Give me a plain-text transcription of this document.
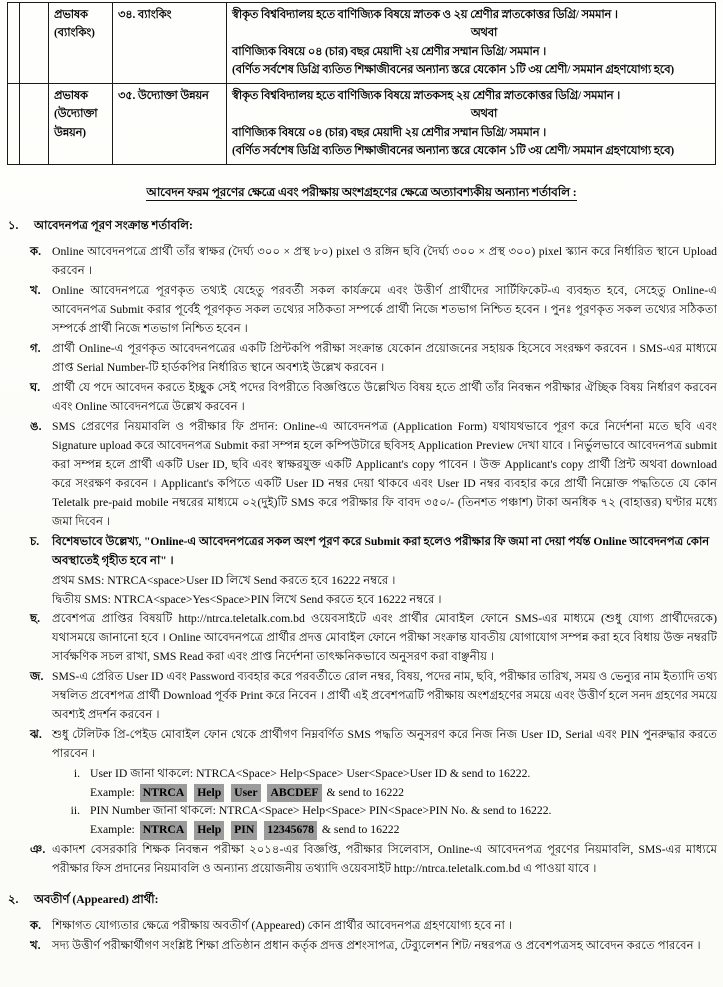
		প্রভাষক (ব্যাংকিং)	৩৪. ব্যাংকিং	স্বীকৃত বিশ্ববিদ্যালয় হতে বাণিজ্যিক বিষয়ে স্নাতক ও ২য় শ্রেণীর স্নাতকোত্তর ডিগ্রি/ সমমান ।
অথবা
বাণিজ্যিক বিষয়ে ০৪ (চার) বছর মেয়াদী ২য় শ্রেণীর সম্মান ডিগ্রি/ সমমান ।
(বর্ণিত সর্বশেষ ডিগ্রি ব্যতিত শিক্ষাজীবনের অন্যান্য স্তরে যেকোন ১টি ৩য় শ্রেণী/ সমমান গ্রহণযোগ্য হবে)

		প্রভাষক (উদ্যোক্তা উন্নয়ন)	৩৫. উদ্যোক্তা উন্নয়ন	স্বীকৃত বিশ্ববিদ্যালয় হতে বাণিজ্যিক বিষয়ে স্নাতকসহ ২য় শ্রেণীর স্নাতকোত্তর ডিগ্রি/ সমমান ।
অথবা
বাণিজ্যিক বিষয়ে ০৪ (চার) বছর মেয়াদী ২য় শ্রেণীর সম্মান ডিগ্রি/ সমমান ।
(বর্ণিত সর্বশেষ ডিগ্রি ব্যতিত শিক্ষাজীবনের অন্যান্য স্তরে যেকোন ১টি ৩য় শ্রেণী/ সমমান গ্রহণযোগ্য হবে)
আবেদন ফরম পূরণের ক্ষেত্রে এবং পরীক্ষায় অংশগ্রহণের ক্ষেত্রে অত্যাবশ্যকীয় অন্যান্য শর্তাবলি :
১.	আবেদনপত্র পূরণ সংক্রান্ত শর্তাবলি:
ক. Online আবেদনপত্রে প্রার্থী তাঁর স্বাক্ষর (দৈর্ঘ্য ৩০০ × প্রস্থ ৮০) pixel ও রঙ্গিন ছবি (দৈর্ঘ্য ৩০০ × প্রস্থ ৩০০) pixel স্ক্যান করে নির্ধারিত স্থানে Upload করবেন ।
খ. Online আবেদনপত্রে পূরণকৃত তথ্যই যেহেতু পরবর্তী সকল কার্যক্রমে এবং উত্তীর্ণ প্রার্থীদের সার্টিফিকেট-এ ব্যবহৃত হবে, সেহেতু Online-এ আবেদনপত্র Submit করার পূর্বেই পূরণকৃত সকল তথ্যের সঠিকতা সম্পর্কে প্রার্থী নিজে শতভাগ নিশ্চিত হবেন । পুনঃ পূরণকৃত সকল তথ্যের সঠিকতা সম্পর্কে প্রার্থী নিজে শতভাগ নিশ্চিত হবেন ।
গ. প্রার্থী Online-এ পূরণকৃত আবেদনপত্রের একটি প্রিন্টকপি পরীক্ষা সংক্রান্ত যেকোন প্রয়োজনের সহায়ক হিসেবে সংরক্ষণ করবেন । SMS-এর মাধ্যমে প্রাপ্ত Serial Number-টি হার্ডকপির নির্ধারিত স্থানে অবশ্যই উল্লেখ করবেন ।
ঘ.	প্রার্থী যে পদে আবেদন করতে ইচ্ছুক সেই পদের বিপরীতে বিজ্ঞপ্তিতে উল্লেখিত বিষয় হতে প্রার্থী তাঁর নিবন্ধন পরীক্ষার ঐচ্ছিক বিষয় নির্ধারণ করবেন এবং Online আবেদনপত্রে উল্লেখ করবেন ।
ঙ. SMS প্রেরণের নিয়মাবলি ও পরীক্ষার ফি প্রদান: Online-এ আবেদনপত্র (Application Form) যথাযথভাবে পূরণ করে নির্দেশনা মতে ছবি এবং Signature upload করে আবেদনপত্র Submit করা সম্পন্ন হলে কম্পিউটারে ছবিসহ Application Preview দেখা যাবে । নির্ভুলভাবে আবেদনপত্র submit করা সম্পন্ন হলে প্রার্থী একটি User ID, ছবি এবং স্বাক্ষরযুক্ত একটি Applicant's copy পাবেন । উক্ত Applicant's copy প্রার্থী প্রিন্ট অথবা download করে সংরক্ষণ করবেন । Applicant's কপিতে একটি User ID নম্বর দেয়া থাকবে এবং User ID নম্বর ব্যবহার করে প্রার্থী নিম্নোক্ত পদ্ধতিতে যে কোন Teletalk pre-paid mobile নম্বরের মাধ্যমে ০২(দুই)টি SMS করে পরীক্ষার ফি বাবদ ৩৫০/- (তিনশত পঞ্চাশ) টাকা অনধিক ৭২ (বাহাত্তর) ঘণ্টার মধ্যে জমা দিবেন ।
চ.	বিশেষভাবে উল্লেখ্য, "Online-এ আবেদনপত্রের সকল অংশ পূরণ করে Submit করা হলেও পরীক্ষার ফি জমা না দেয়া পর্যন্ত Online আবেদনপত্র কোন অবস্থাতেই গৃহীত হবে না" ।
প্রথম SMS: NTRCA<space>User ID লিখে Send করতে হবে 16222 নম্বরে ।
দ্বিতীয় SMS: NTRCA<space>Yes<Space>PIN লিখে Send করতে হবে 16222 নম্বরে ।
ছ.	প্রবেশপত্র প্রাপ্তির বিষয়টি http://ntrca.teletalk.com.bd ওয়েবসাইটে এবং প্রার্থীর মোবাইল ফোনে SMS-এর মাধ্যমে (শুধু যোগ্য প্রার্থীদেরকে) যথাসময়ে জানানো হবে । Online আবেদনপত্রে প্রার্থীর প্রদত্ত মোবাইল ফোনে পরীক্ষা সংক্রান্ত যাবতীয় যোগাযোগ সম্পন্ন করা হবে বিধায় উক্ত নম্বরটি সার্বক্ষণিক সচল রাখা, SMS Read করা এবং প্রাপ্ত নির্দেশনা তাৎক্ষনিকভাবে অনুসরণ করা বাঞ্ছনীয় ।
জ. SMS-এ প্রেরিত User ID এবং Password ব্যবহার করে পরবর্তীতে রোল নম্বর, বিষয়, পদের নাম, ছবি, পরীক্ষার তারিখ, সময় ও ভেন্যুর নাম ইত্যাদি তথ্য সম্বলিত প্রবেশপত্র প্রার্থী Download পূর্বক Print করে নিবেন । প্রার্থী এই প্রবেশপত্রটি পরীক্ষায় অংশগ্রহণের সময়ে এবং উত্তীর্ণ হলে সনদ গ্রহণের সময়ে অবশ্যই প্রদর্শন করবেন ।
ঝ. শুধু টেলিটক প্রি-পেইড মোবাইল ফোন থেকে প্রার্থীগণ নিম্নবর্ণিত SMS পদ্ধতি অনুসরণ করে নিজ নিজ User ID, Serial এবং PIN পুনরুদ্ধার করতে পারবেন ।
i. User ID জানা থাকলে: NTRCA<Space> Help<Space> User<Space>User ID & send to 16222.
Example: NTRCA Help User ABCDEF & send to 16222
ii. PIN Number জানা থাকলে: NTRCA<Space> Help<Space> PIN<Space>PIN No. & send to 16222.
Example: NTRCA Help PIN 12345678 & send to 16222
ঞ. একাদশ বেসরকারি শিক্ষক নিবন্ধন পরীক্ষা ২০১৪-এর বিজ্ঞপ্তি, পরীক্ষার সিলেবাস, Online-এ আবেদনপত্র পূরণের নিয়মাবলি, SMS-এর মাধ্যমে পরীক্ষার ফিস প্রদানের নিয়মাবলি ও অন্যান্য প্রয়োজনীয় তথ্যাদি ওয়েবসাইট http://ntrca.teletalk.com.bd এ পাওয়া যাবে ।
২.	অবতীর্ণ (Appeared) প্রার্থী:
ক. শিক্ষাগত যোগ্যতার ক্ষেত্রে পরীক্ষায় অবতীর্ণ (Appeared) কোন প্রার্থীর আবেদনপত্র গ্রহণযোগ্য হবে না ।
খ. সদ্য উত্তীর্ণ পরীক্ষার্থীগণ সংশ্লিষ্ট শিক্ষা প্রতিষ্ঠান প্রধান কর্তৃক প্রদত্ত প্রশংসাপত্র, টেব্যুলেশন শিট/ নম্বরপত্র ও প্রবেশপত্রসহ আবেদন করতে পারবেন ।
